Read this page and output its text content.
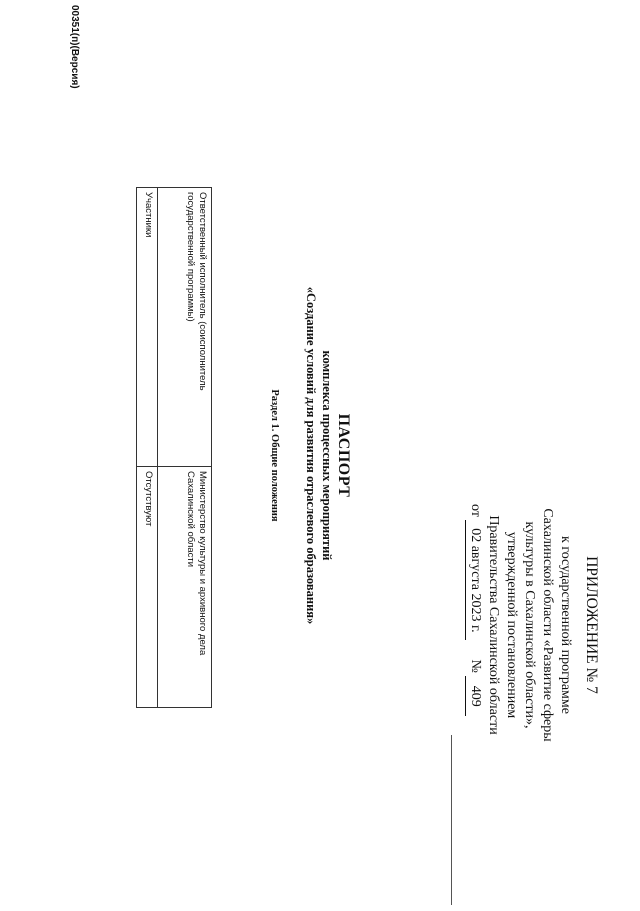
ПРИЛОЖЕНИЕ № 7
к государственной программе
Сахалинской области «Развитие сферы
культуры в Сахалинской области»,
утвержденной постановлением
Правительства Сахалинской области
от 02 августа 2023 г.  № 409
ПАСПОРТ
комплекса процессных мероприятий
«Создание условий для развития отраслевого образования»
Раздел 1. Общие положения
Ответственный исполнитель (соисполнитель государственной программы)	Министерство культуры и архивного дела Сахалинской области
Участники	Отсутствуют
00351(п)(Версия)
